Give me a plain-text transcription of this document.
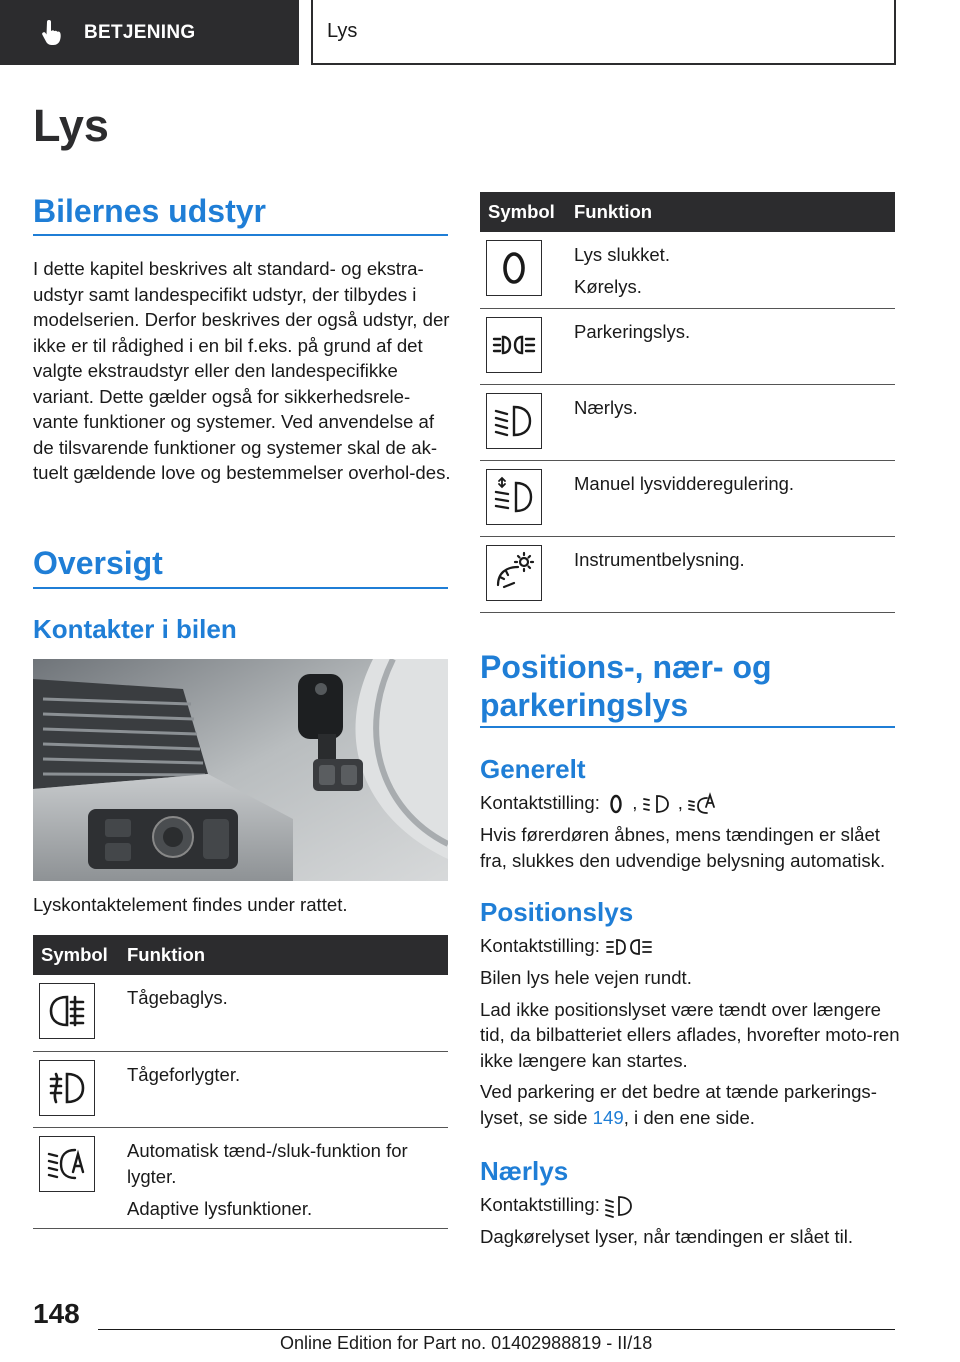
BETJENING	Lys
Lys
Bilernes udstyr
I dette kapitel beskrives alt standard- og ekstra-udstyr samt landespecifikt udstyr, der tilbydes i modelserien. Derfor beskrives der også udstyr, der ikke er til rådighed i en bil f.eks. på grund af det valgte ekstraudstyr eller den landespecifikke variant. Dette gælder også for sikkerhedsrele-vante funktioner og systemer. Ved anvendelse af de tilsvarende funktioner og systemer skal de ak-tuelt gældende love og bestemmelser overhol-des.
Oversigt
Kontakter i bilen
Lyskontaktelement findes under rattet.
Symbol	Funktion

Tågebaglys.

Tågeforlygter.

Automatisk tænd-/sluk-funktion for lygter.
Adaptive lysfunktioner.
Symbol	Funktion

Lys slukket.
Kørelys.

Parkeringslys.

Nærlys.

Manuel lysvidderegulering.

Instrumentbelysning.
Positions-, nær- og
parkeringslys
Generelt

Kontaktstilling: , ,

Hvis førerdøren åbnes, mens tændingen er slået fra, slukkes den udvendige belysning automatisk.

Positionslys

Kontaktstilling:

Bilen lys hele vejen rundt.

Lad ikke positionslyset være tændt over længere tid, da bilbatteriet ellers aflades, hvorefter moto-ren ikke længere kan startes.

Ved parkering er det bedre at tænde parkerings-lyset, se side 149, i den ene side.

Nærlys

Kontaktstilling:

Dagkørelyset lyser, når tændingen er slået til.

148
Online Edition for Part no. 01402988819 - II/18
